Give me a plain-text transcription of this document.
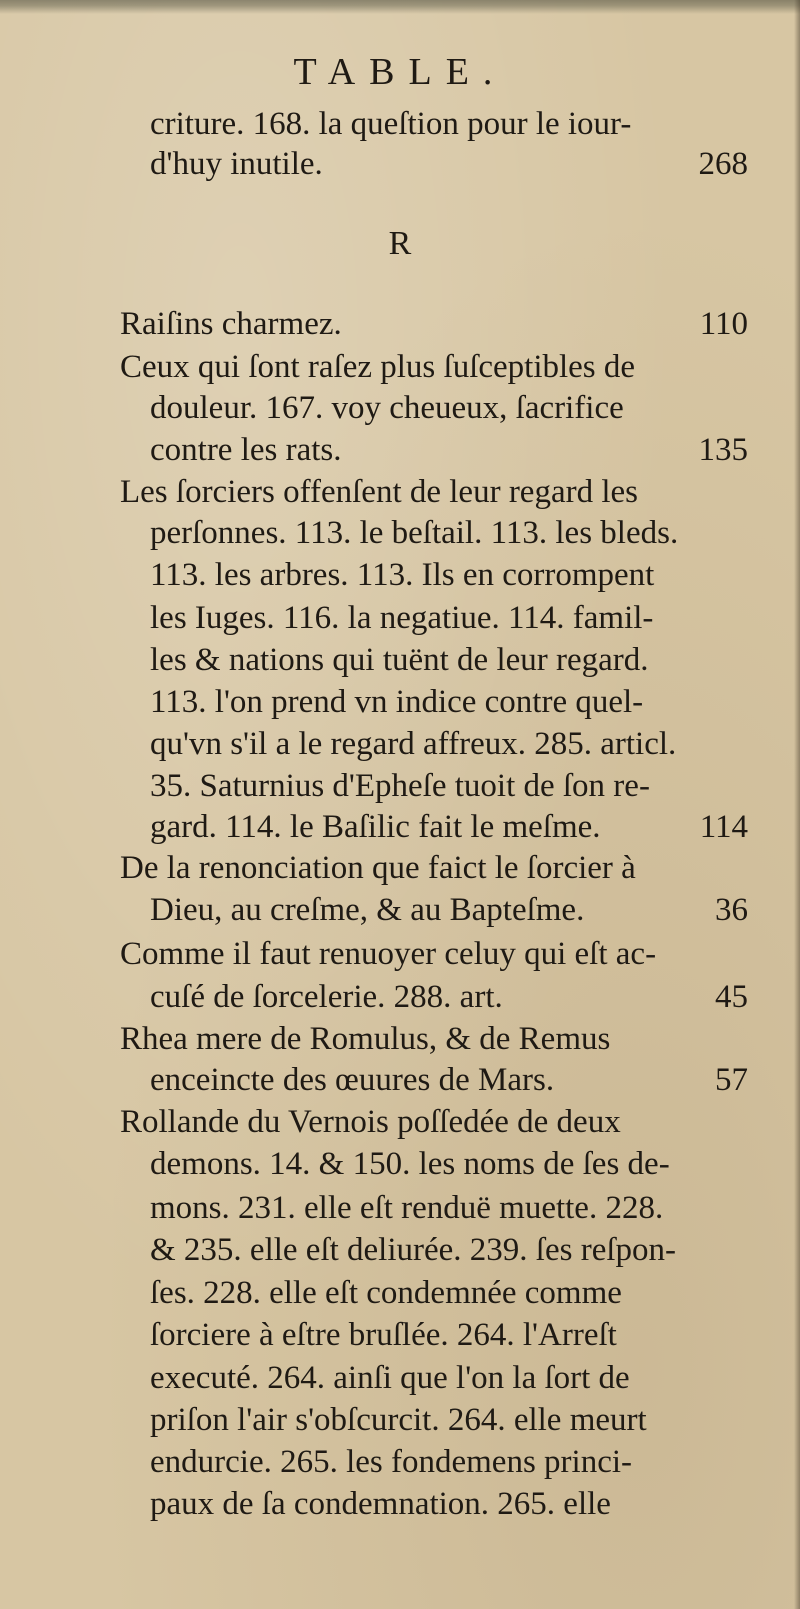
TABLE.
R
criture. 168. la queſtion pour le iour-
d'huy inutile.	268
Raiſins charmez.	110
Ceux qui ſont raſez plus ſuſceptibles de
douleur. 167. voy cheueux, ſacrifice
contre les rats.	135
Les ſorciers offenſent de leur regard les
perſonnes. 113. le beſtail. 113. les bleds.
113. les arbres. 113. Ils en corrompent
les Iuges. 116. la negatiue. 114. famil-
les & nations qui tuënt de leur regard.
113. l'on prend vn indice contre quel-
qu'vn s'il a le regard affreux. 285. articl.
35. Saturnius d'Epheſe tuoit de ſon re-
gard. 114. le Baſilic fait le meſme.	114
De la renonciation que faict le ſorcier à
Dieu, au creſme, & au Bapteſme.	36
Comme il faut renuoyer celuy qui eſt ac-
cuſé de ſorcelerie. 288. art.	45
Rhea mere de Romulus, & de Remus
enceincte des œuures de Mars.	57
Rollande du Vernois poſſedée de deux
demons. 14. & 150. les noms de ſes de-
mons. 231. elle eſt renduë muette. 228.
& 235. elle eſt deliurée. 239. ſes reſpon-
ſes. 228. elle eſt condemnée comme
ſorciere à eſtre bruſlée. 264. l'Arreſt
executé. 264. ainſi que l'on la ſort de
priſon l'air s'obſcurcit. 264. elle meurt
endurcie. 265. les fondemens princi-
paux de ſa condemnation. 265. elle
